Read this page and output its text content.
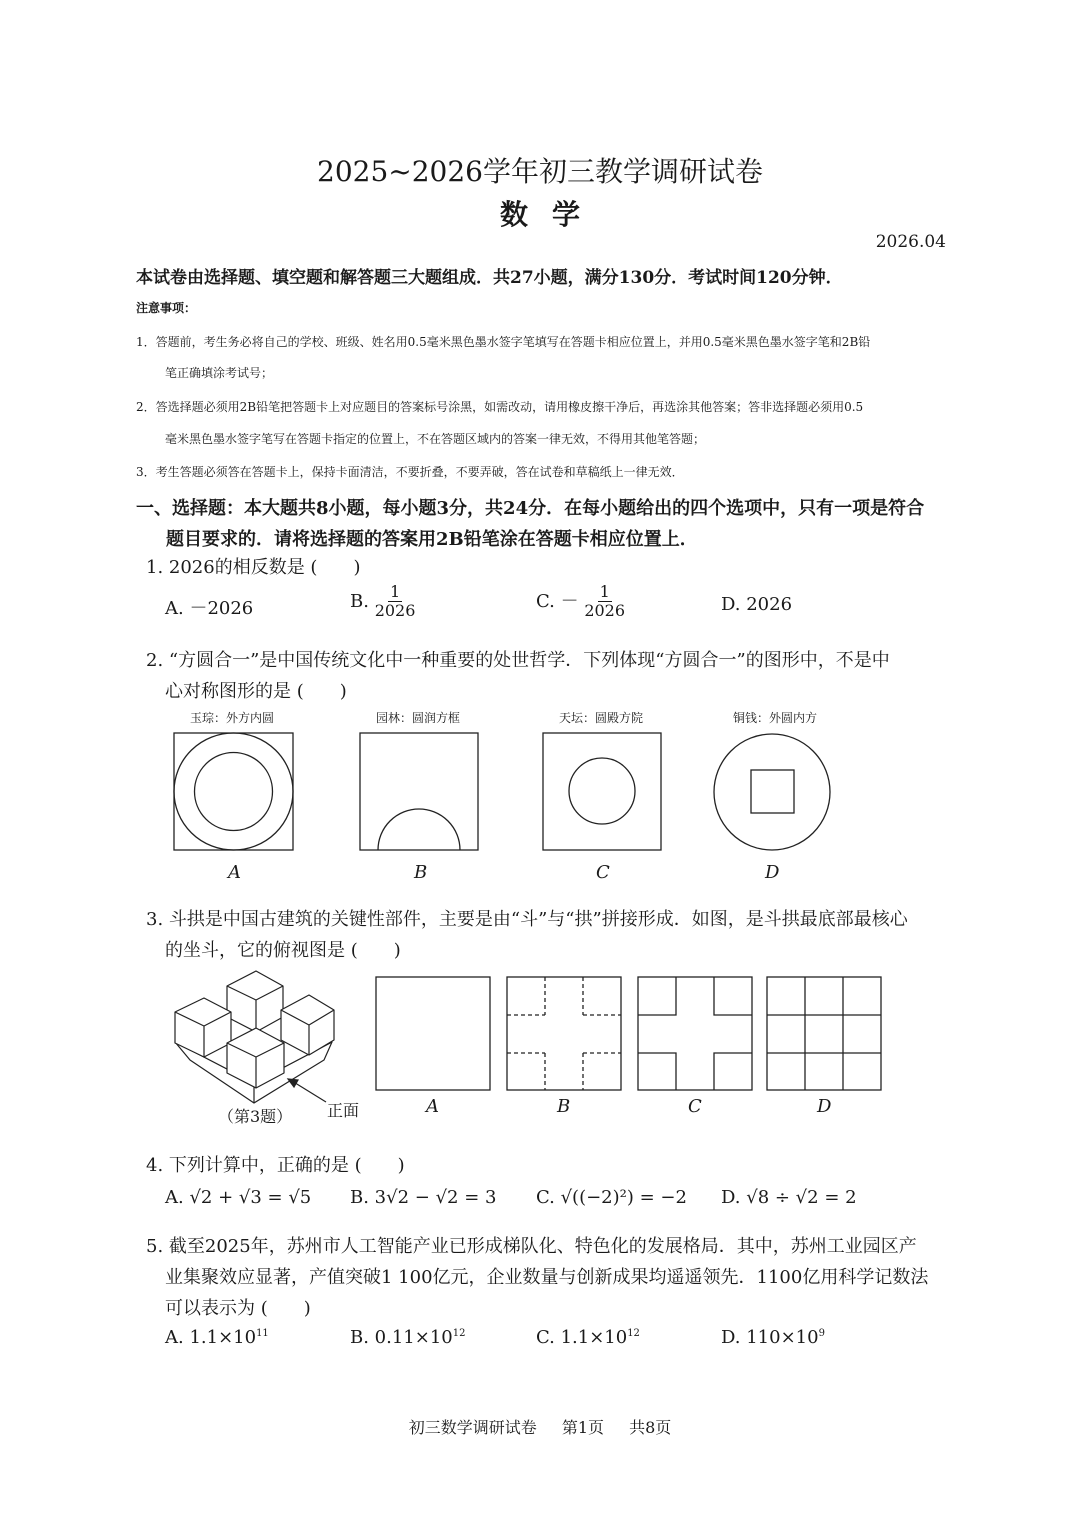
2025~2026学年初三教学调研试卷
数学
2026.04
本试卷由选择题、填空题和解答题三大题组成．共27小题，满分130分．考试时间120分钟．
注意事项：
1．答题前，考生务必将自己的学校、班级、姓名用0.5毫米黑色墨水签字笔填写在答题卡相应位置上，并用0.5毫米黑色墨水签字笔和2B铅
笔正确填涂考试号；
2．答选择题必须用2B铅笔把答题卡上对应题目的答案标号涂黑，如需改动，请用橡皮擦干净后，再选涂其他答案；答非选择题必须用0.5
毫米黑色墨水签字笔写在答题卡指定的位置上，不在答题区域内的答案一律无效，不得用其他笔答题；
3．考生答题必须答在答题卡上，保持卡面清洁，不要折叠，不要弄破，答在试卷和草稿纸上一律无效．
一、选择题：本大题共8小题，每小题3分，共24分．在每小题给出的四个选项中，只有一项是符合
题目要求的．请将选择题的答案用2B铅笔涂在答题卡相应位置上．
1. 2026的相反数是 (　　)
A. －2026	B. $\frac{1}{2026}$	C. － $\frac{1}{2026}$	D. 2026
2. “方圆合一”是中国传统文化中一种重要的处世哲学．下列体现“方圆合一”的图形中，不是中
心对称图形的是 (　　)
玉琮：外方内圆	园林：圆润方框	天坛：圆殿方院	铜钱：外圆内方
A	B	C	D
3. 斗拱是中国古建筑的关键性部件，主要是由“斗”与“拱”拼接形成．如图，是斗拱最底部最核心
的坐斗，它的俯视图是 (　　)
（第3题） 正面	A	B	C	D
4. 下列计算中，正确的是 (　　)
A. √2 + √3 = √5 B. 3√2 − √2 = 3 C. √((−2)²) = −2 D. √8 ÷ √2 = 2
5. 截至2025年，苏州市人工智能产业已形成梯队化、特色化的发展格局．其中，苏州工业园区产
业集聚效应显著，产值突破1 100亿元，企业数量与创新成果均遥遥领先．1100亿用科学记数法
可以表示为 (　　)
A. $1.1\times 10^{11}$	B. $0.11\times 10^{12}$	C. $1.1\times 10^{12}$	D. $110\times 10^9$
初三数学调研试卷 第1页 共8页
